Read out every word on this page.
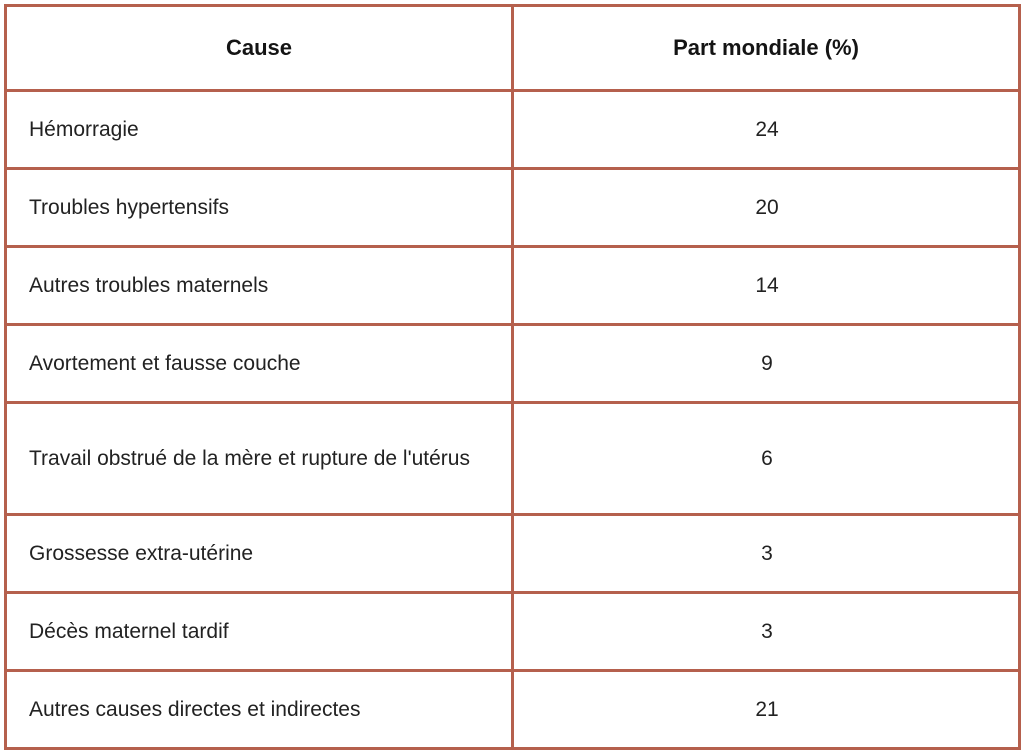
Cause	Part mondiale (%)
Hémorragie	24
Troubles hypertensifs	20
Autres troubles maternels	14
Avortement et fausse couche	9
Travail obstrué de la mère et rupture de l'utérus	6
Grossesse extra-utérine	3
Décès maternel tardif	3
Autres causes directes et indirectes	21
